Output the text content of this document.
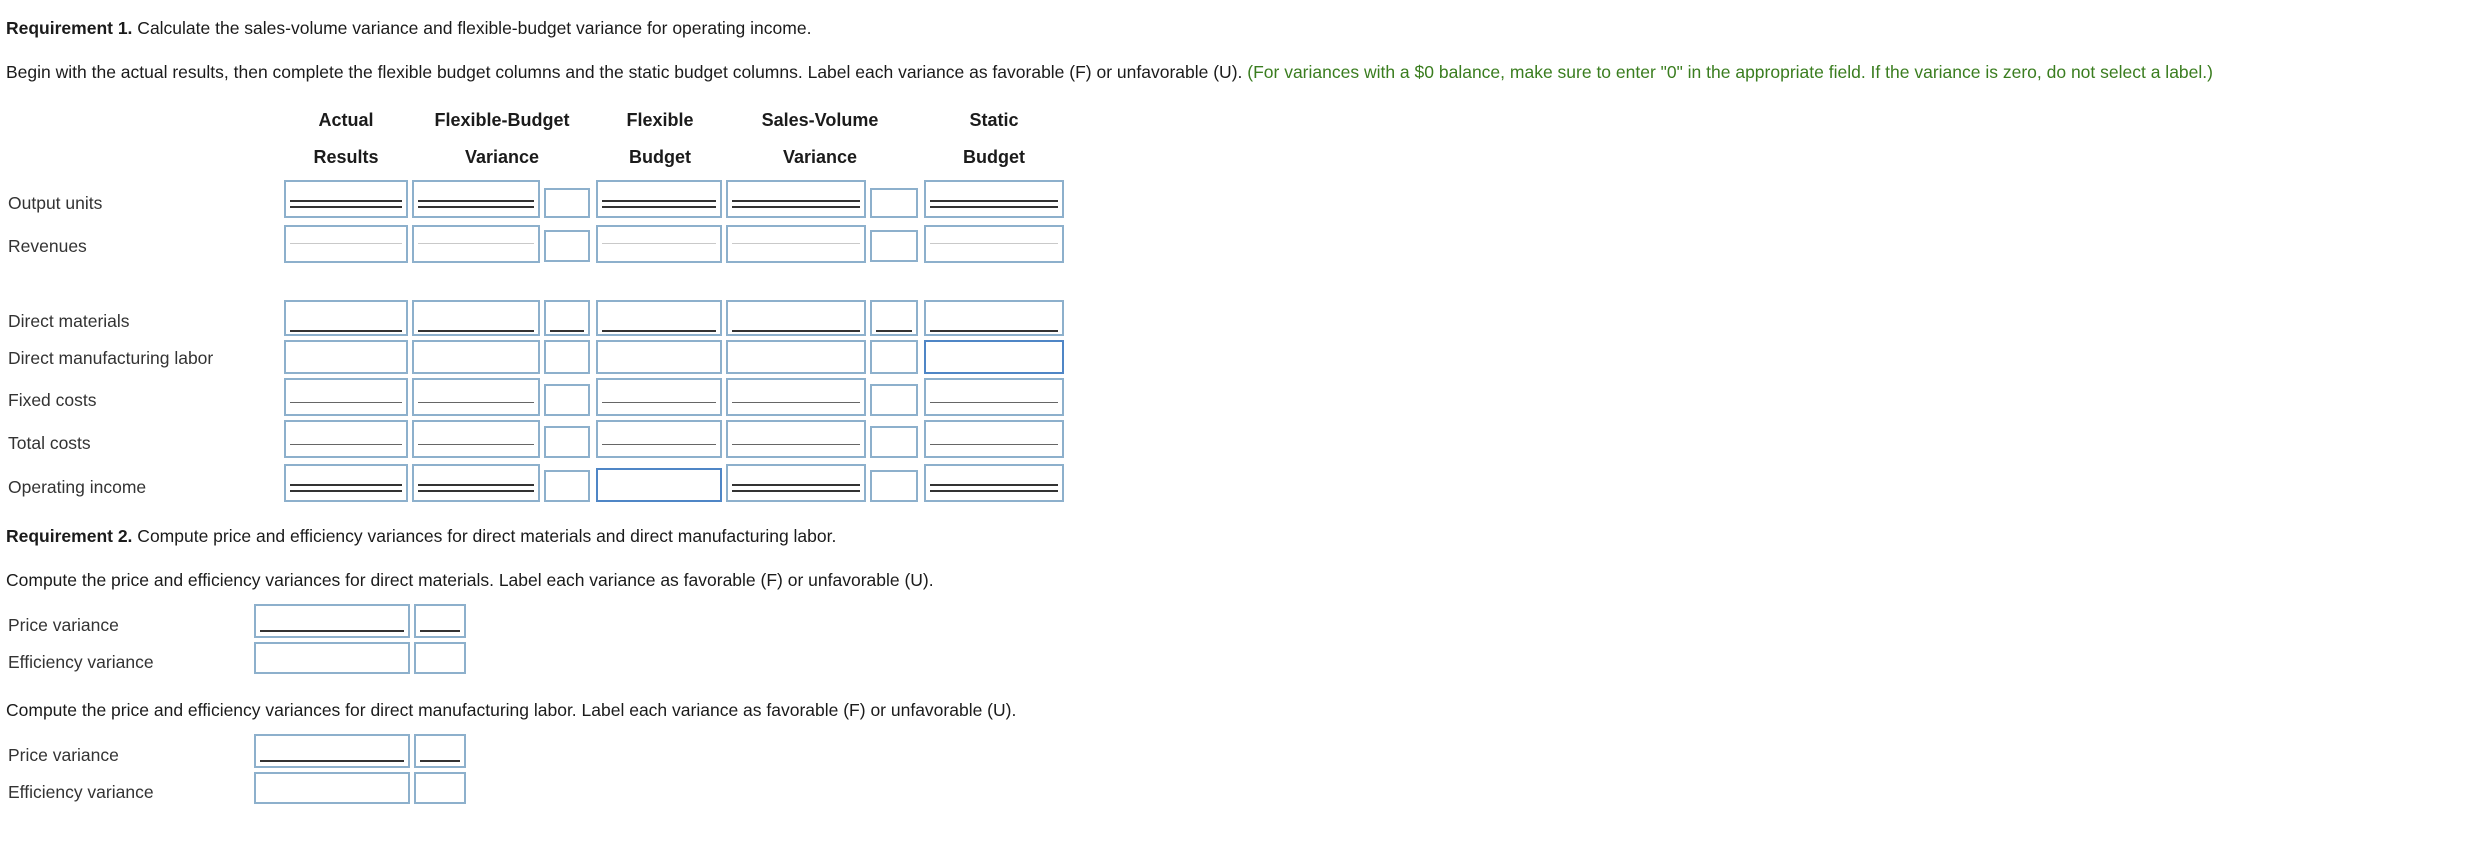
Requirement 1. Calculate the sales-volume variance and flexible-budget variance for operating income.
Begin with the actual results, then complete the flexible budget columns and the static budget columns. Label each variance as favorable (F) or unfavorable (U). (For variances with a $0 balance, make sure to enter "0" in the appropriate field. If the variance is zero, do not select a label.)
Actual
Results
Flexible-Budget
Variance
Flexible
Budget
Sales-Volume
Variance
Static
Budget
Output units
Revenues
Direct materials
Direct manufacturing labor
Fixed costs
Total costs
Operating income
Requirement 2. Compute price and efficiency variances for direct materials and direct manufacturing labor.
Compute the price and efficiency variances for direct materials. Label each variance as favorable (F) or unfavorable (U).
Price variance
Efficiency variance
Compute the price and efficiency variances for direct manufacturing labor. Label each variance as favorable (F) or unfavorable (U).
Price variance
Efficiency variance
